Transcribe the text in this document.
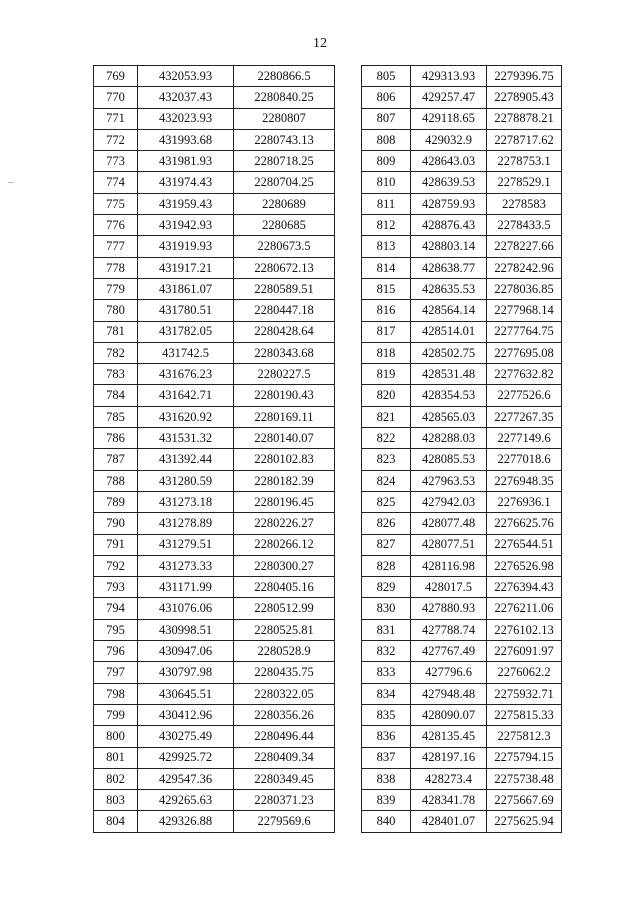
12
769	432053.93	2280866.5
770	432037.43	2280840.25
771	432023.93	2280807
772	431993.68	2280743.13
773	431981.93	2280718.25
774	431974.43	2280704.25
775	431959.43	2280689
776	431942.93	2280685
777	431919.93	2280673.5
778	431917.21	2280672.13
779	431861.07	2280589.51
780	431780.51	2280447.18
781	431782.05	2280428.64
782	431742.5	2280343.68
783	431676.23	2280227.5
784	431642.71	2280190.43
785	431620.92	2280169.11
786	431531.32	2280140.07
787	431392.44	2280102.83
788	431280.59	2280182.39
789	431273.18	2280196.45
790	431278.89	2280226.27
791	431279.51	2280266.12
792	431273.33	2280300.27
793	431171.99	2280405.16
794	431076.06	2280512.99
795	430998.51	2280525.81
796	430947.06	2280528.9
797	430797.98	2280435.75
798	430645.51	2280322.05
799	430412.96	2280356.26
800	430275.49	2280496.44
801	429925.72	2280409.34
802	429547.36	2280349.45
803	429265.63	2280371.23
804	429326.88	2279569.6
805	429313.93	2279396.75
806	429257.47	2278905.43
807	429118.65	2278878.21
808	429032.9	2278717.62
809	428643.03	2278753.1
810	428639.53	2278529.1
811	428759.93	2278583
812	428876.43	2278433.5
813	428803.14	2278227.66
814	428638.77	2278242.96
815	428635.53	2278036.85
816	428564.14	2277968.14
817	428514.01	2277764.75
818	428502.75	2277695.08
819	428531.48	2277632.82
820	428354.53	2277526.6
821	428565.03	2277267.35
822	428288.03	2277149.6
823	428085.53	2277018.6
824	427963.53	2276948.35
825	427942.03	2276936.1
826	428077.48	2276625.76
827	428077.51	2276544.51
828	428116.98	2276526.98
829	428017.5	2276394.43
830	427880.93	2276211.06
831	427788.74	2276102.13
832	427767.49	2276091.97
833	427796.6	2276062.2
834	427948.48	2275932.71
835	428090.07	2275815.33
836	428135.45	2275812.3
837	428197.16	2275794.15
838	428273.4	2275738.48
839	428341.78	2275667.69
840	428401.07	2275625.94
